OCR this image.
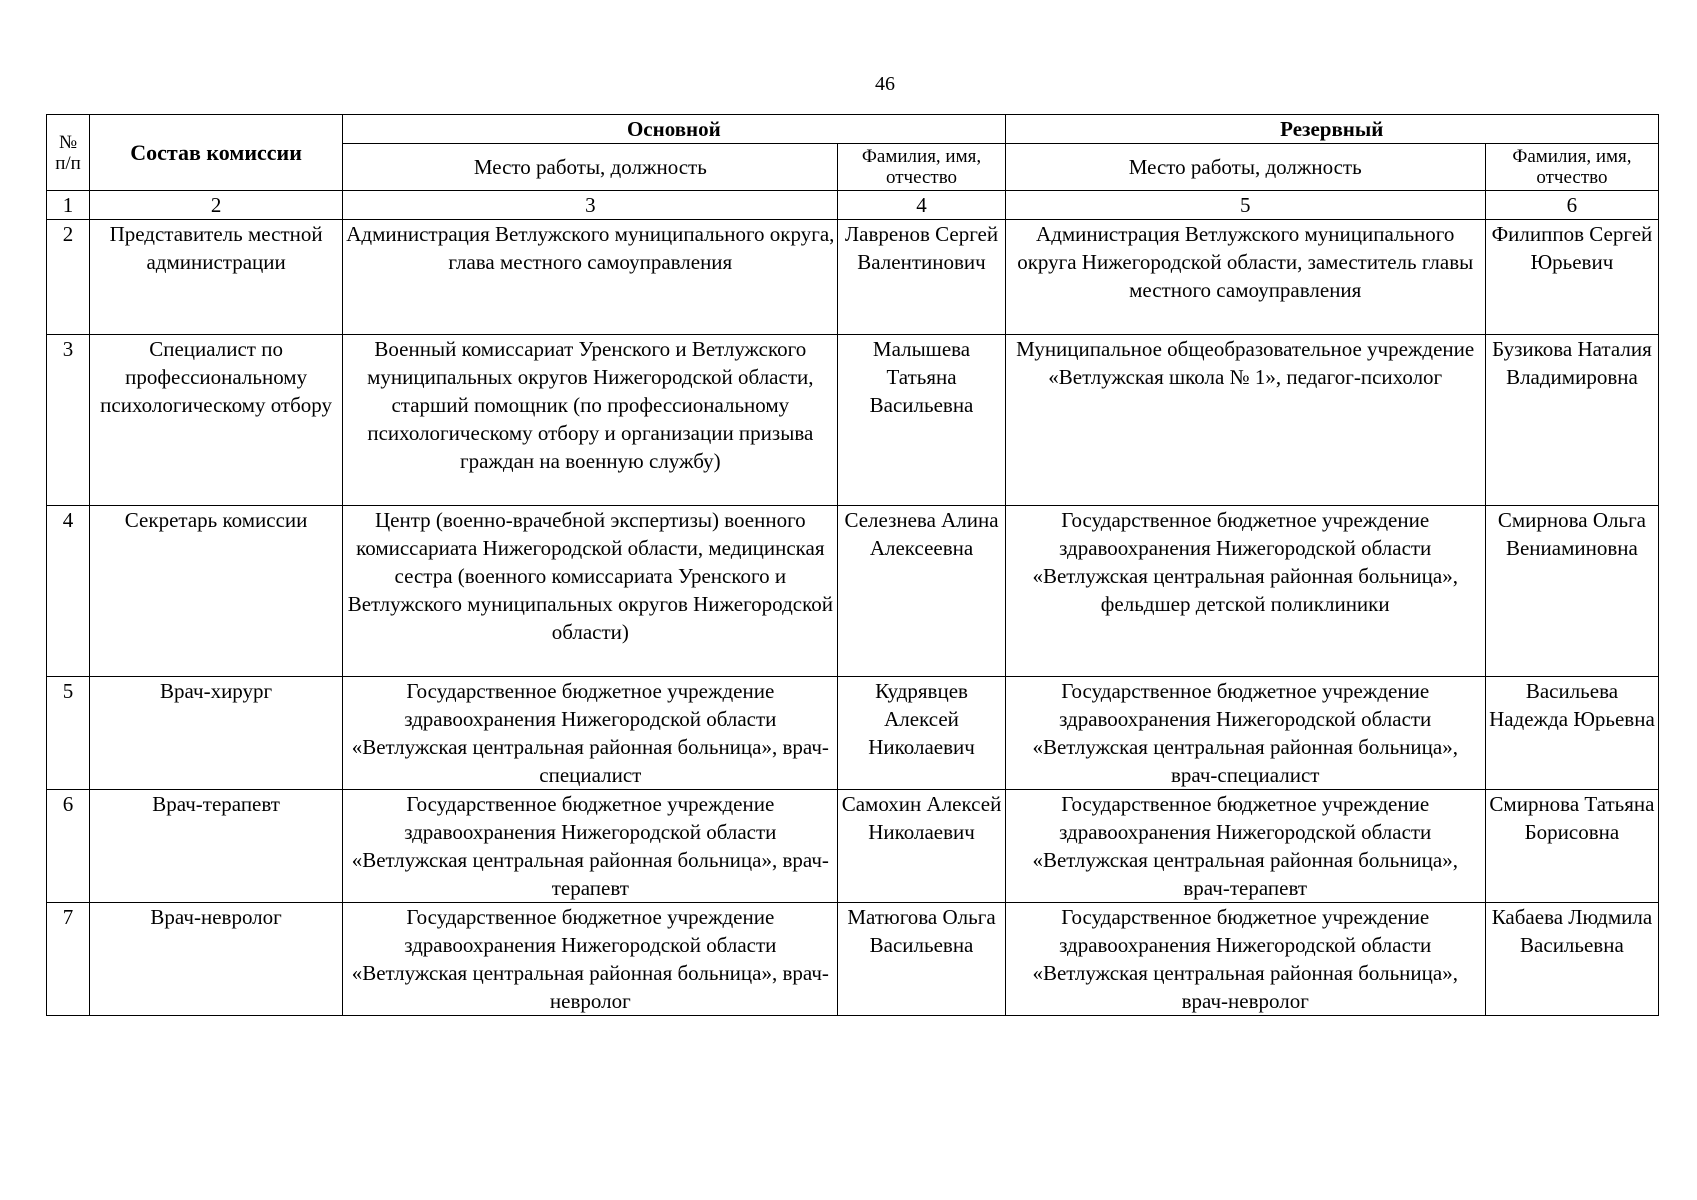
46
№ п/п	Состав комиссии	Основной		Резервный	
		Место работы, должность	Фамилия, имя, отчество	Место работы, должность	Фамилия, имя, отчество
1	2	3	4	5	6
2	Представитель местной администрации	Администрация Ветлужского муниципального округа, глава местного самоуправления	Лавренов Сергей Валентинович	Администрация Ветлужского муниципального округа Нижегородской области, заместитель главы местного самоуправления	Филиппов Сергей Юрьевич
3	Специалист по профессиональному психологическому отбору	Военный комиссариат Уренского и Ветлужского муниципальных округов Нижегородской области, старший помощник (по профессиональному психологическому отбору и организации призыва граждан на военную службу)	Малышева Татьяна Васильевна	Муниципальное общеобразовательное учреждение «Ветлужская школа № 1», педагог-психолог	Бузикова Наталия Владимировна
4	Секретарь комиссии	Центр (военно-врачебной экспертизы) военного комиссариата Нижегородской области, медицинская сестра (военного комиссариата Уренского и Ветлужского муниципальных округов Нижегородской области)	Селезнева Алина Алексеевна	Государственное бюджетное учреждение здравоохранения Нижегородской области «Ветлужская центральная районная больница», фельдшер детской поликлиники	Смирнова Ольга Вениаминовна
5	Врач-хирург	Государственное бюджетное учреждение здравоохранения Нижегородской области «Ветлужская центральная районная больница», врач-специалист	Кудрявцев Алексей Николаевич	Государственное бюджетное учреждение здравоохранения Нижегородской области «Ветлужская центральная районная больница», врач-специалист	Васильева Надежда Юрьевна
6	Врач-терапевт	Государственное бюджетное учреждение здравоохранения Нижегородской области «Ветлужская центральная районная больница», врач-терапевт	Самохин Алексей Николаевич	Государственное бюджетное учреждение здравоохранения Нижегородской области «Ветлужская центральная районная больница», врач-терапевт	Смирнова Татьяна Борисовна
7	Врач-невролог	Государственное бюджетное учреждение здравоохранения Нижегородской области «Ветлужская центральная районная больница», врач-невролог	Матюгова Ольга Васильевна	Государственное бюджетное учреждение здравоохранения Нижегородской области «Ветлужская центральная районная больница», врач-невролог	Кабаева Людмила Васильевна
